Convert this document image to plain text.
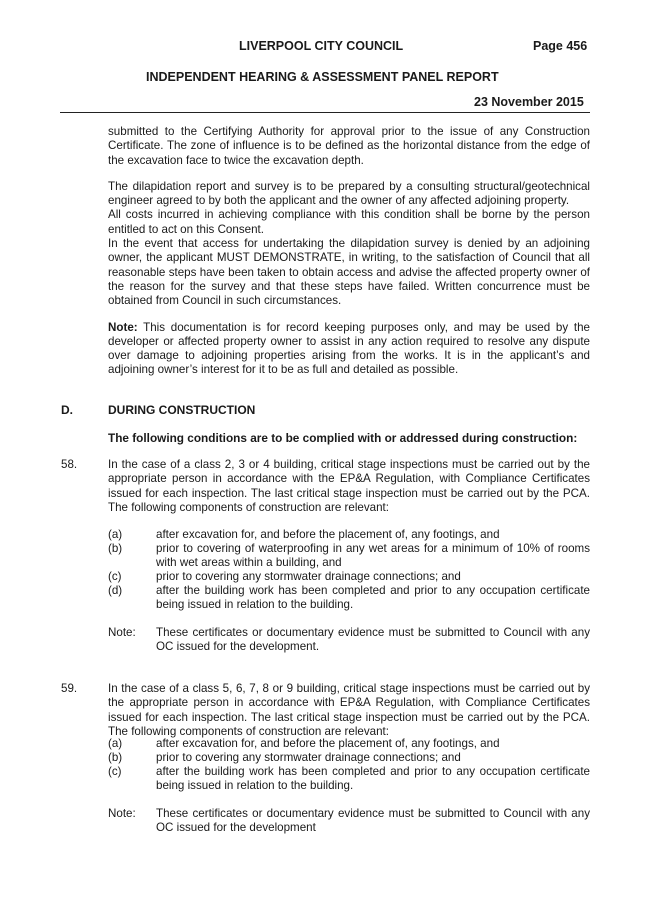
LIVERPOOL CITY COUNCIL	Page 456
INDEPENDENT HEARING & ASSESSMENT PANEL REPORT
23 November 2015

submitted to the Certifying Authority for approval prior to the issue of any Construction Certificate. The zone of influence is to be defined as the horizontal distance from the edge of the excavation face to twice the excavation depth.

The dilapidation report and survey is to be prepared by a consulting structural/geotechnical engineer agreed to by both the applicant and the owner of any affected adjoining property.

All costs incurred in achieving compliance with this condition shall be borne by the person entitled to act on this Consent.

In the event that access for undertaking the dilapidation survey is denied by an adjoining owner, the applicant MUST DEMONSTRATE, in writing, to the satisfaction of Council that all reasonable steps have been taken to obtain access and advise the affected property owner of the reason for the survey and that these steps have failed. Written concurrence must be obtained from Council in such circumstances.

Note: This documentation is for record keeping purposes only, and may be used by the developer or affected property owner to assist in any action required to resolve any dispute over damage to adjoining properties arising from the works. It is in the applicant’s and adjoining owner’s interest for it to be as full and detailed as possible.

D.	DURING CONSTRUCTION
The following conditions are to be complied with or addressed during construction:
58.	In the case of a class 2, 3 or 4 building, critical stage inspections must be carried out by the appropriate person in accordance with the EP&A Regulation, with Compliance Certificates issued for each inspection. The last critical stage inspection must be carried out by the PCA. The following components of construction are relevant:
(a)	after excavation for, and before the placement of, any footings, and
(b)	prior to covering of waterproofing in any wet areas for a minimum of 10% of rooms with wet areas within a building, and
(c)	prior to covering any stormwater drainage connections; and
(d)	after the building work has been completed and prior to any occupation certificate being issued in relation to the building.
Note:	These certificates or documentary evidence must be submitted to Council with any OC issued for the development.
59.	In the case of a class 5, 6, 7, 8 or 9 building, critical stage inspections must be carried out by the appropriate person in accordance with EP&A Regulation, with Compliance Certificates issued for each inspection. The last critical stage inspection must be carried out by the PCA. The following components of construction are relevant:
(a)	after excavation for, and before the placement of, any footings, and
(b)	prior to covering any stormwater drainage connections; and
(c)	after the building work has been completed and prior to any occupation certificate being issued in relation to the building.
Note:	These certificates or documentary evidence must be submitted to Council with any OC issued for the development
